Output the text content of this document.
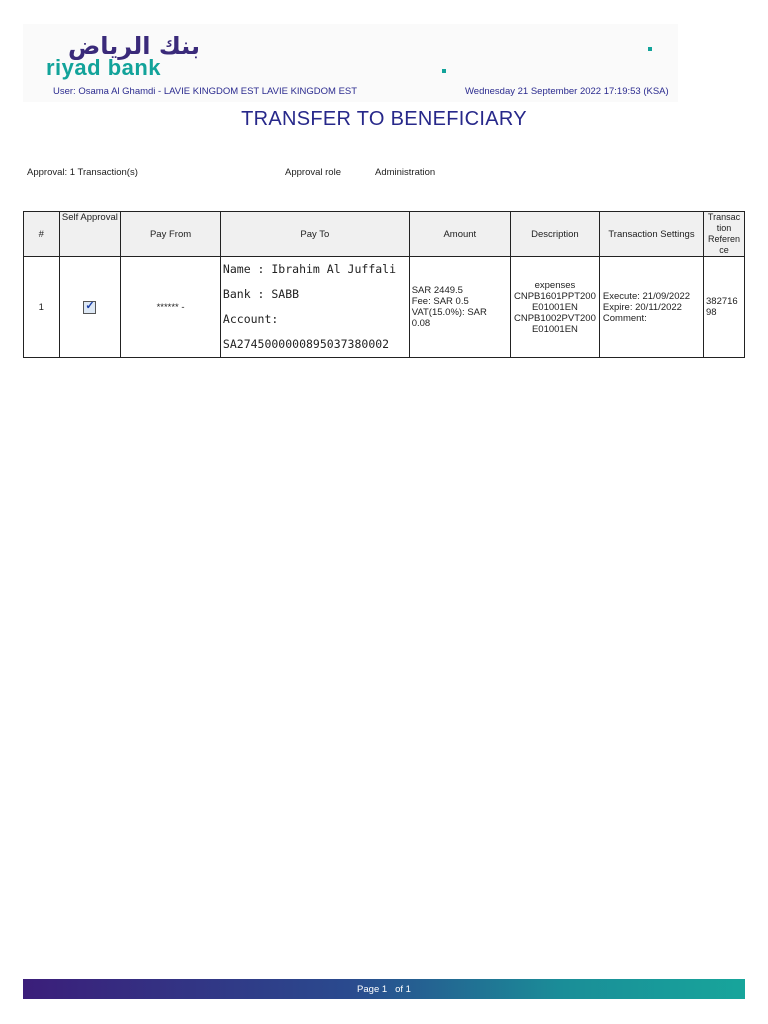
بنك الرياض
riyad bank
User: Osama Al Ghamdi - LAVIE KINGDOM EST LAVIE KINGDOM EST	Wednesday 21 September 2022 17:19:53 (KSA)
TRANSFER TO BENEFICIARY
Approval: 1 Transaction(s)	Approval role	Administration
#	Self Approval	Pay From	Pay To	Amount	Description	Transaction Settings	Transac
tion
Referen
ce
1	✓	****** -	Name : Ibrahim Al Juffali
Bank : SABB
Account:
SA2745000000895037380002	SAR 2449.5
Fee: SAR 0.5
VAT(15.0%): SAR 0.08	expenses
CNPB1601PPT200
E01001EN
CNPB1002PVT200
E01001EN	Execute: 21/09/2022
Expire: 20/11/2022
Comment:	382716
98
Page 1 of 1
